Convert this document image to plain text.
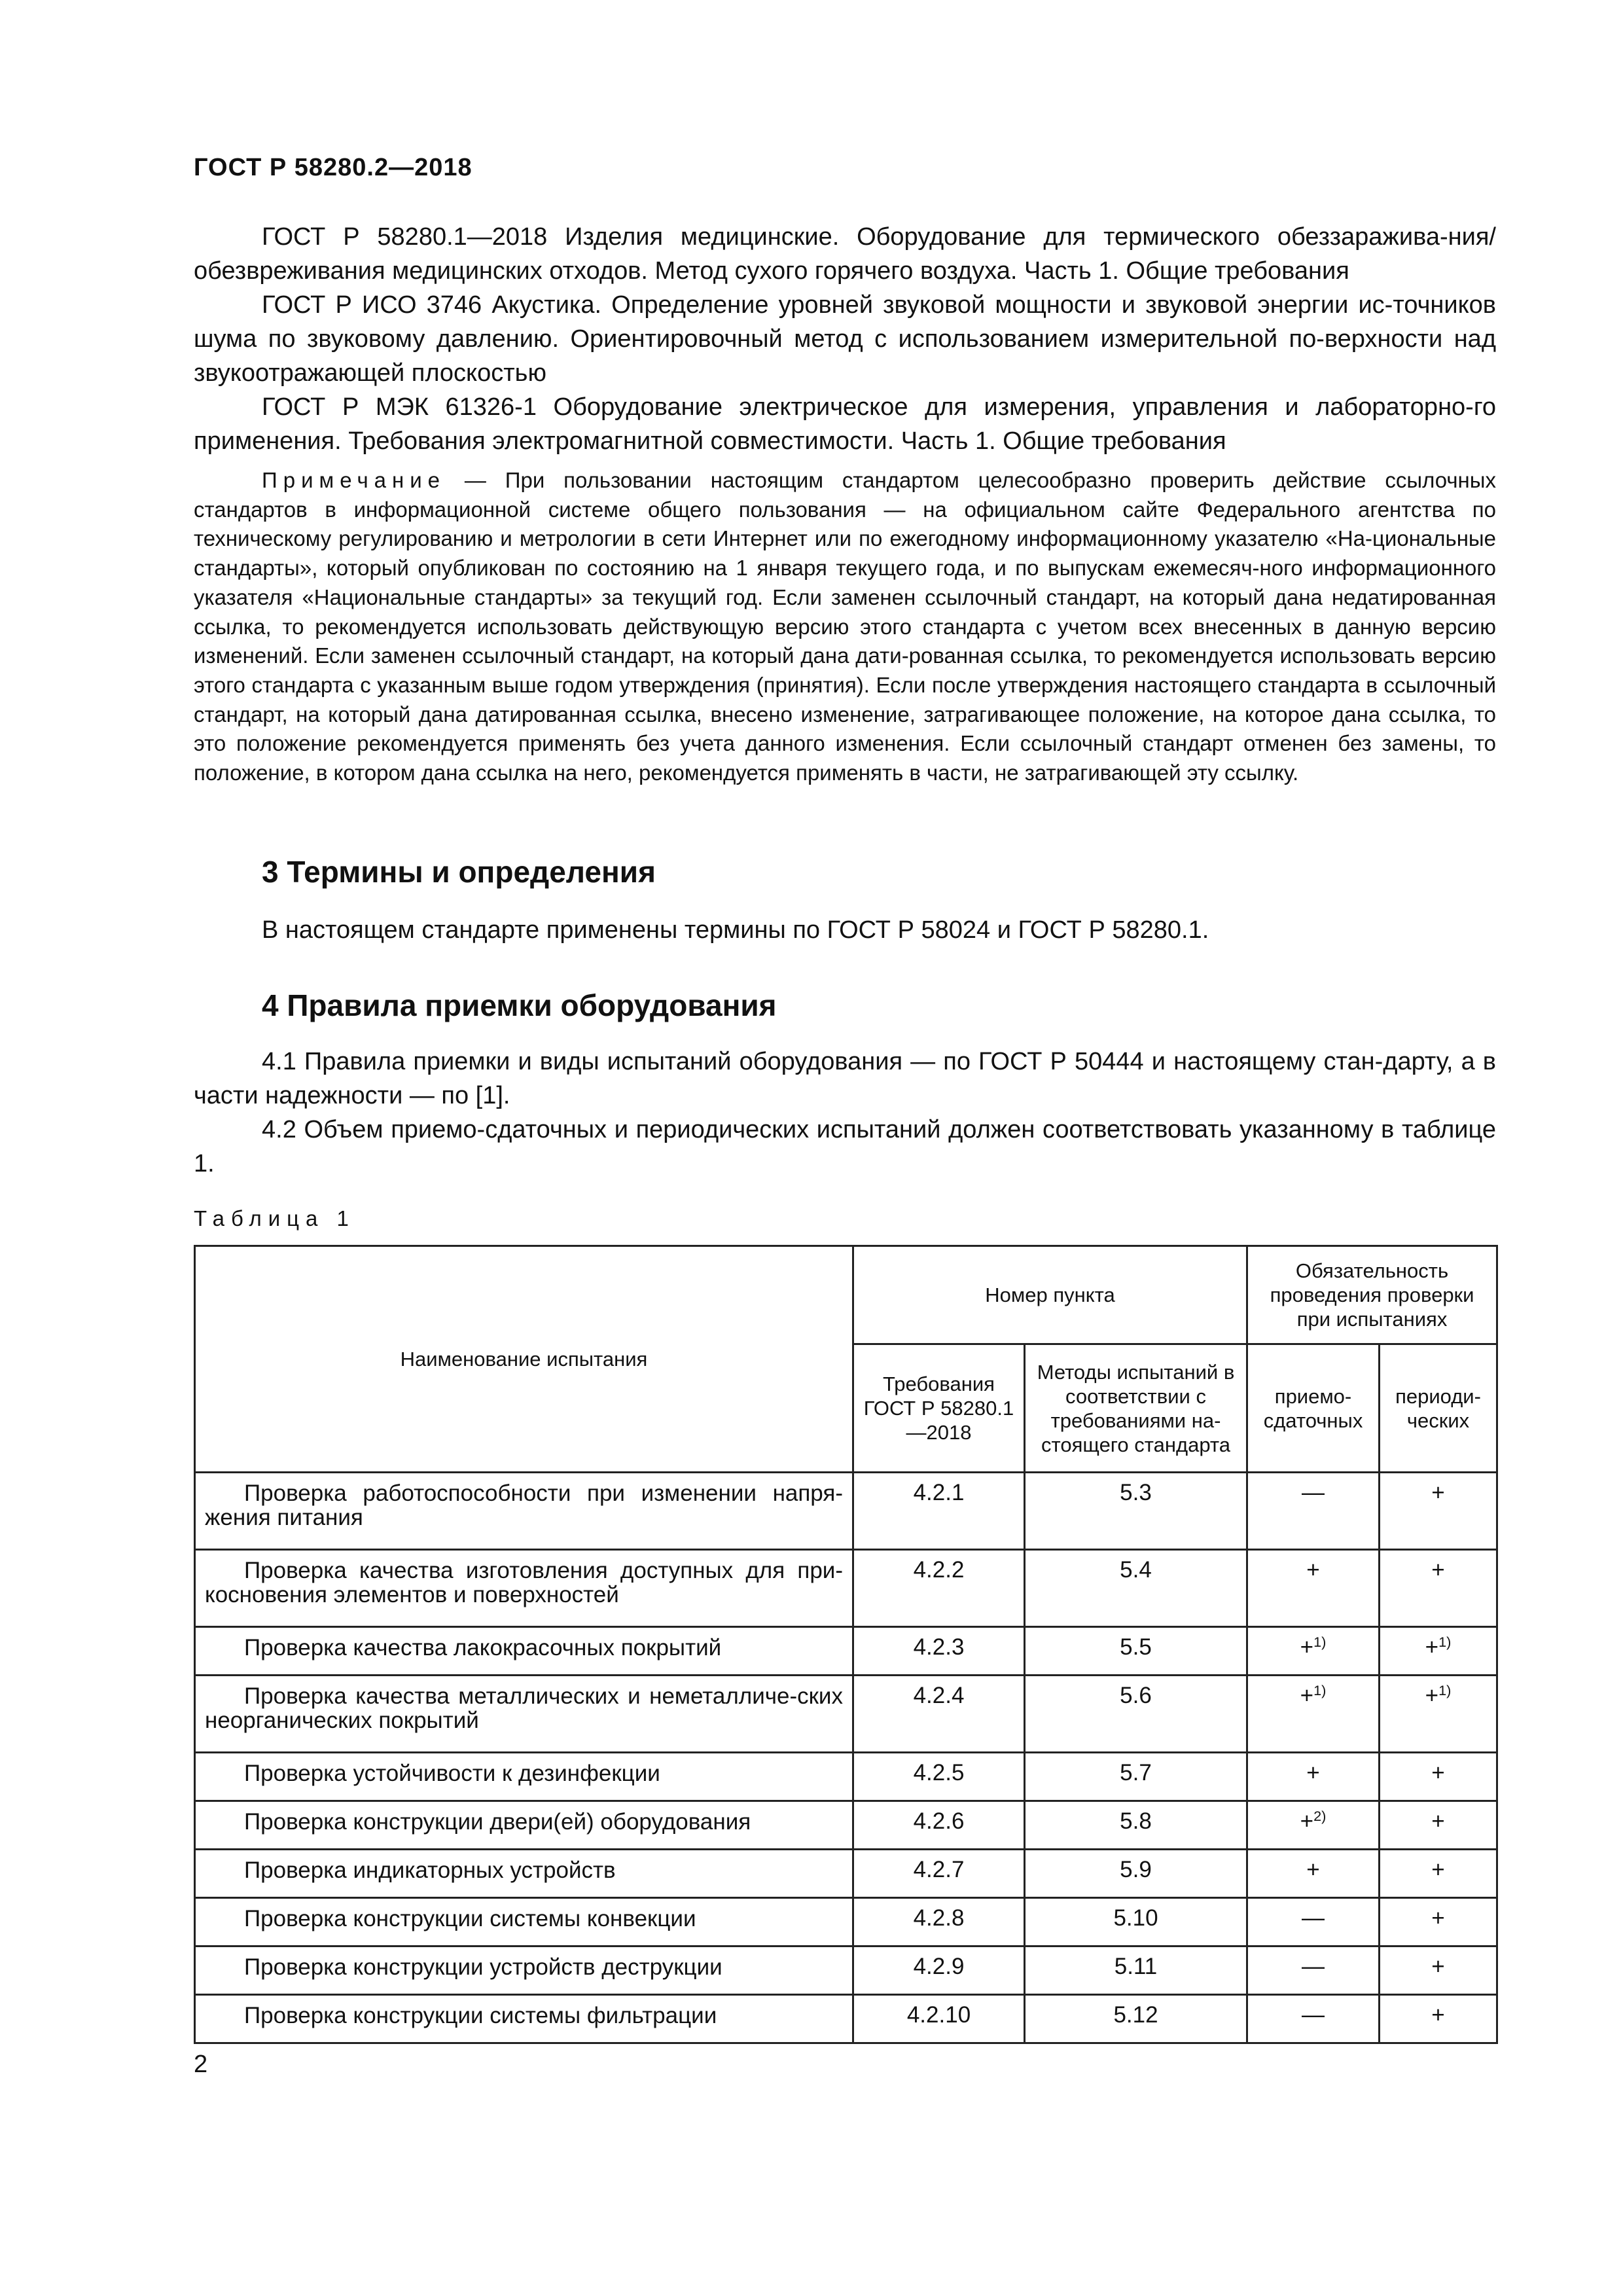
ГОСТ Р 58280.2—2018

ГОСТ Р 58280.1—2018 Изделия медицинские. Оборудование для термического обеззаражива-ния/обезвреживания медицинских отходов. Метод сухого горячего воздуха. Часть 1. Общие требования

ГОСТ Р ИСО 3746 Акустика. Определение уровней звуковой мощности и звуковой энергии ис-точников шума по звуковому давлению. Ориентировочный метод с использованием измерительной по-верхности над звукоотражающей плоскостью

ГОСТ Р МЭК 61326-1 Оборудование электрическое для измерения, управления и лабораторно-го применения. Требования электромагнитной совместимости. Часть 1. Общие требования

Примечание — При пользовании настоящим стандартом целесообразно проверить действие ссылочных стандартов в информационной системе общего пользования — на официальном сайте Федерального агентства по техническому регулированию и метрологии в сети Интернет или по ежегодному информационному указателю «На-циональные стандарты», который опубликован по состоянию на 1 января текущего года, и по выпускам ежемесяч-ного информационного указателя «Национальные стандарты» за текущий год. Если заменен ссылочный стандарт, на который дана недатированная ссылка, то рекомендуется использовать действующую версию этого стандарта с учетом всех внесенных в данную версию изменений. Если заменен ссылочный стандарт, на который дана дати-рованная ссылка, то рекомендуется использовать версию этого стандарта с указанным выше годом утверждения (принятия). Если после утверждения настоящего стандарта в ссылочный стандарт, на который дана датированная ссылка, внесено изменение, затрагивающее положение, на которое дана ссылка, то это положение рекомендуется применять без учета данного изменения. Если ссылочный стандарт отменен без замены, то положение, в котором дана ссылка на него, рекомендуется применять в части, не затрагивающей эту ссылку.

3 Термины и определения

В настоящем стандарте применены термины по ГОСТ Р 58024 и ГОСТ Р 58280.1.

4 Правила приемки оборудования

4.1 Правила приемки и виды испытаний оборудования — по ГОСТ Р 50444 и настоящему стан-дарту, а в части надежности — по [1].

4.2 Объем приемо-сдаточных и периодических испытаний должен соответствовать указанному в таблице 1.

Таблица 1
Наименование испытания	Номер пункта		Обязательность проведения проверки при испытаниях	
	Требования ГОСТ Р 58280.1—2018	Методы испытаний в соответствии с требованиями на-стоящего стандарта	приемо-сдаточных	периоди-ческих
Проверка работоспособности при изменении напря-жения питания	4.2.1	5.3	—	+
Проверка качества изготовления доступных для при-косновения элементов и поверхностей	4.2.2	5.4	+	+
Проверка качества лакокрасочных покрытий	4.2.3	5.5	+$^{1)}$	+$^{1)}$
Проверка качества металлических и неметалличе-ских неорганических покрытий	4.2.4	5.6	+$^{1)}$	+$^{1)}$
Проверка устойчивости к дезинфекции	4.2.5	5.7	+	+
Проверка конструкции двери(ей) оборудования	4.2.6	5.8	+$^{2)}$	+
Проверка индикаторных устройств	4.2.7	5.9	+	+
Проверка конструкции системы конвекции	4.2.8	5.10	—	+
Проверка конструкции устройств деструкции	4.2.9	5.11	—	+
Проверка конструкции системы фильтрации	4.2.10	5.12	—	+
2
